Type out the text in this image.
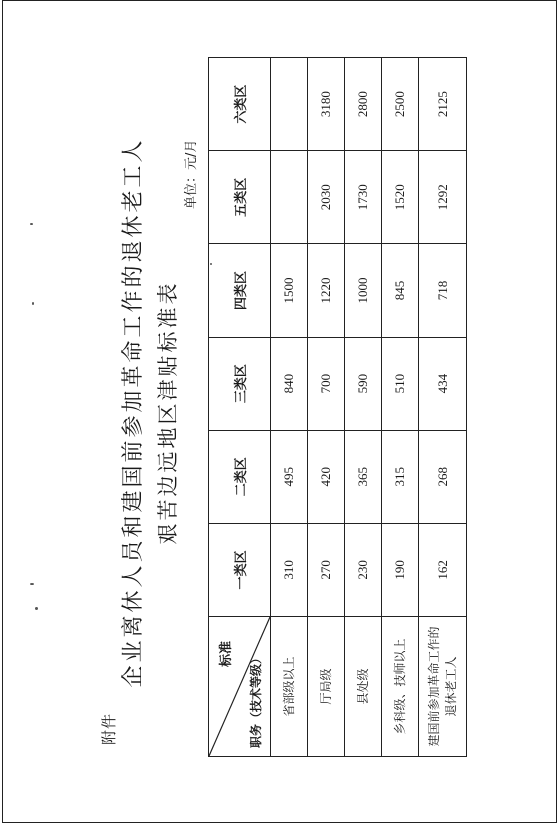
附件
企业离休人员和建国前参加革命工作的退休老工人 艰苦边远地区津贴标准表
单位：元/月
标准 职务（技术等级）	一类区	二类区	三类区	四类区	五类区	六类区
省部级以上	310	495	840	1500		
厅局级	270	420	700	1220	2030	3180
县处级	230	365	590	1000	1730	2800
乡科级、技师以上	190	315	510	845	1520	2500
建国前参加革命工作的退休老工人	162	268	434	718	1292	2125
